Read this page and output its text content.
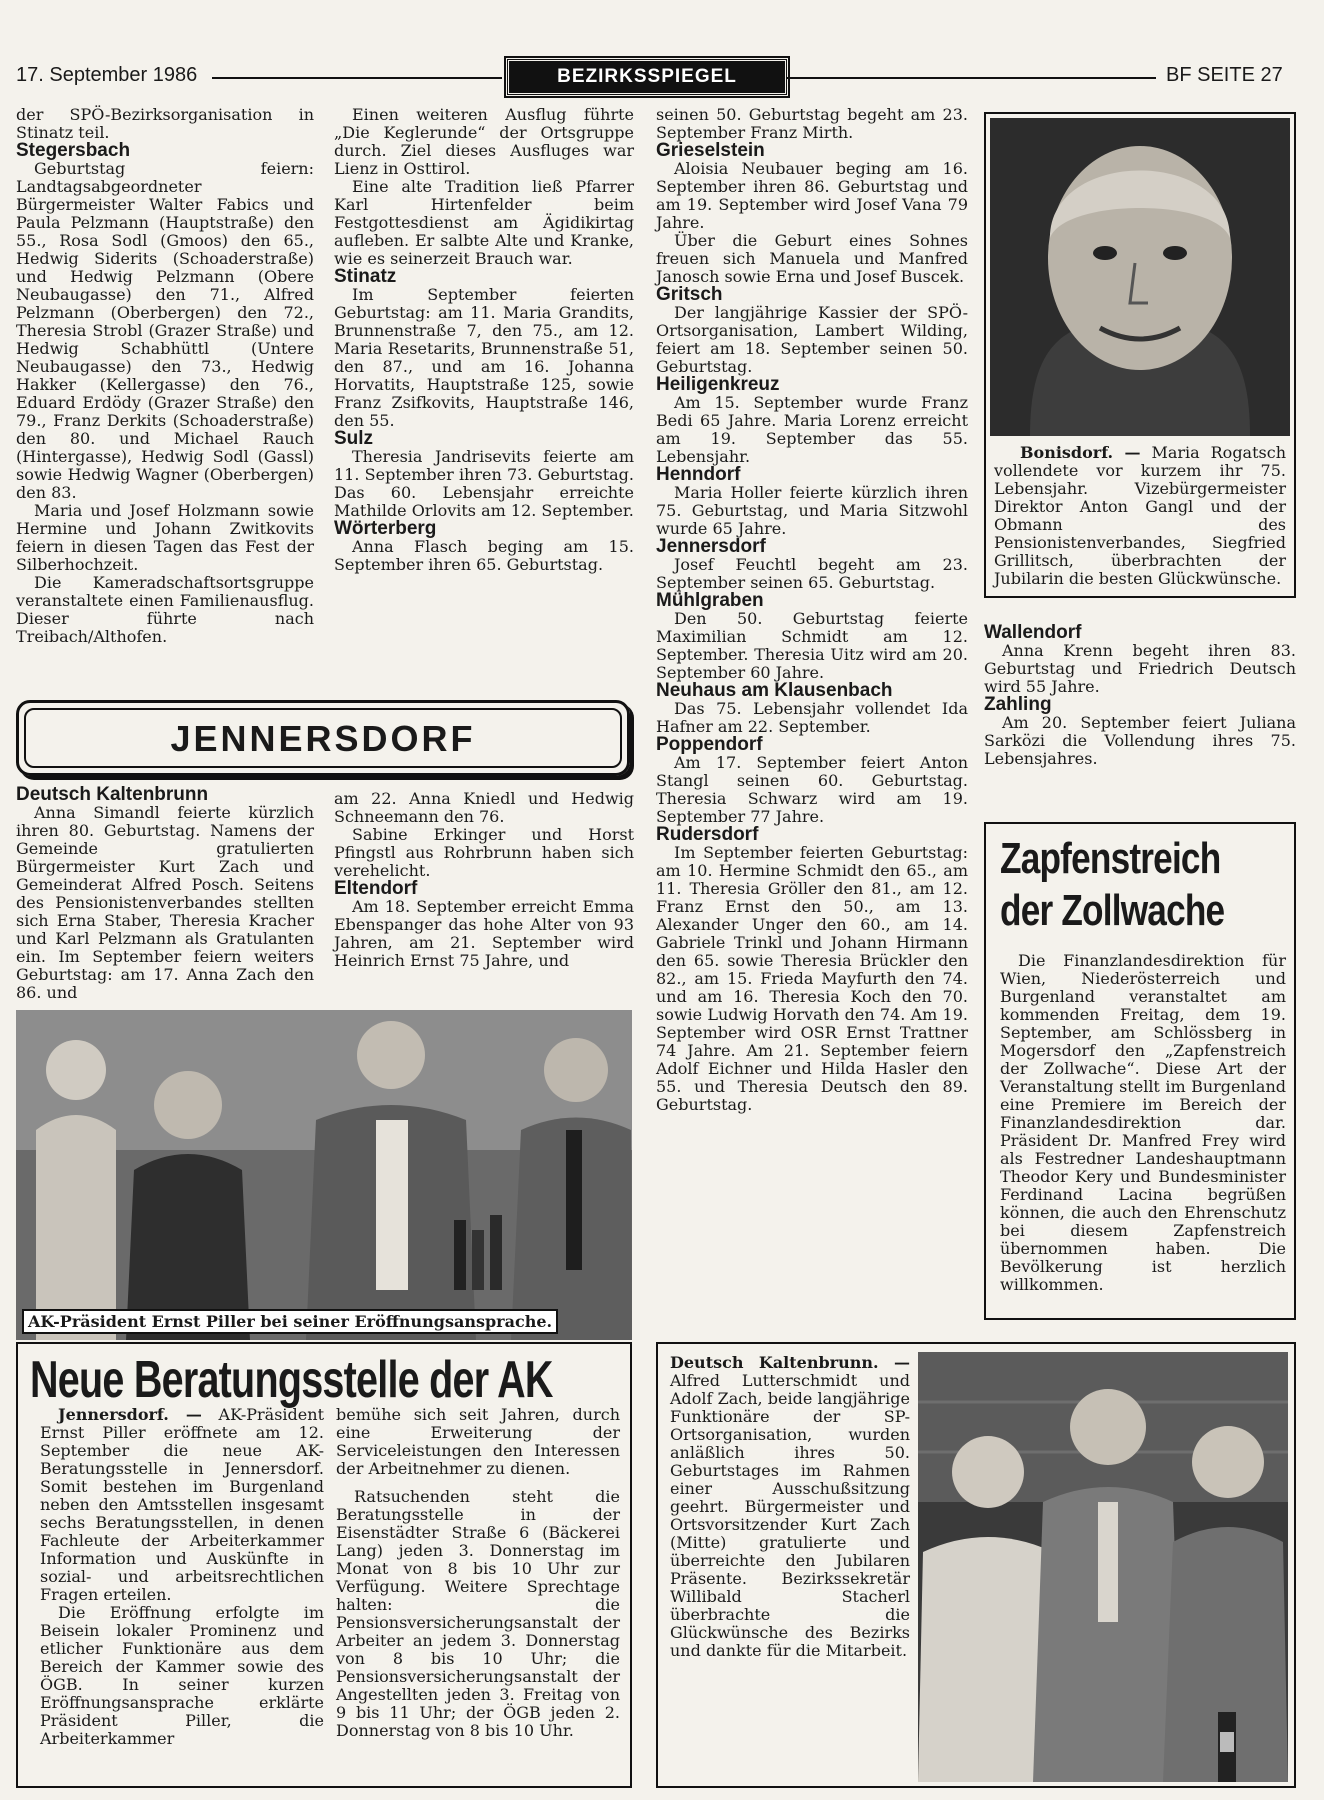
17. September 1986	BEZIRKSSPIEGEL	BF SEITE 27

der SPÖ-Bezirksorganisation in Stinatz teil.

Stegersbach

Geburtstag feiern: Landtagsabgeordneter Bürgermeister Walter Fabics und Paula Pelzmann (Hauptstraße) den 55., Rosa Sodl (Gmoos) den 65., Hedwig Siderits (Schoaderstraße) und Hedwig Pelzmann (Obere Neubaugasse) den 71., Alfred Pelzmann (Oberbergen) den 72., Theresia Strobl (Grazer Straße) und Hedwig Schabhüttl (Untere Neubaugasse) den 73., Hedwig Hakker (Kellergasse) den 76., Eduard Erdödy (Grazer Straße) den 79., Franz Derkits (Schoaderstraße) den 80. und Michael Rauch (Hintergasse), Hedwig Sodl (Gassl) sowie Hedwig Wagner (Oberbergen) den 83.

Maria und Josef Holzmann sowie Hermine und Johann Zwitkovits feiern in diesen Tagen das Fest der Silberhochzeit.

Die Kameradschaftsortsgruppe veranstaltete einen Familienausflug. Dieser führte nach Treibach/Althofen.

Einen weiteren Ausflug führte „Die Keglerunde“ der Ortsgruppe durch. Ziel dieses Ausfluges war Lienz in Osttirol.

Eine alte Tradition ließ Pfarrer Karl Hirtenfelder beim Festgottesdienst am Ägidikirtag aufleben. Er salbte Alte und Kranke, wie es seinerzeit Brauch war.

Stinatz

Im September feierten Geburtstag: am 11. Maria Grandits, Brunnenstraße 7, den 75., am 12. Maria Resetarits, Brunnenstraße 51, den 87., und am 16. Johanna Horvatits, Hauptstraße 125, sowie Franz Zsifkovits, Hauptstraße 146, den 55.

Sulz

Theresia Jandrisevits feierte am 11. September ihren 73. Geburtstag. Das 60. Lebensjahr erreichte Mathilde Orlovits am 12. September.

Wörterberg

Anna Flasch beging am 15. September ihren 65. Geburtstag.

seinen 50. Geburtstag begeht am 23. September Franz Mirth.

Grieselstein

Aloisia Neubauer beging am 16. September ihren 86. Geburtstag und am 19. September wird Josef Vana 79 Jahre.

Über die Geburt eines Sohnes freuen sich Manuela und Manfred Janosch sowie Erna und Josef Buscek.

Gritsch

Der langjährige Kassier der SPÖ-Ortsorganisation, Lambert Wilding, feiert am 18. September seinen 50. Geburtstag.

Heiligenkreuz

Am 15. September wurde Franz Bedi 65 Jahre. Maria Lorenz erreicht am 19. September das 55. Lebensjahr.

Henndorf

Maria Holler feierte kürzlich ihren 75. Geburtstag, und Maria Sitzwohl wurde 65 Jahre.

Jennersdorf

Josef Feuchtl begeht am 23. September seinen 65. Geburtstag.

Mühlgraben

Den 50. Geburtstag feierte Maximilian Schmidt am 12. September. Theresia Uitz wird am 20. September 60 Jahre.

Neuhaus am Klausenbach

Das 75. Lebensjahr vollendet Ida Hafner am 22. September.

Poppendorf

Am 17. September feiert Anton Stangl seinen 60. Geburtstag. Theresia Schwarz wird am 19. September 77 Jahre.

Rudersdorf

Im September feierten Geburtstag: am 10. Hermine Schmidt den 65., am 11. Theresia Gröller den 81., am 12. Franz Ernst den 50., am 13. Alexander Unger den 60., am 14. Gabriele Trinkl und Johann Hirmann den 65. sowie Theresia Brückler den 82., am 15. Frieda Mayfurth den 74. und am 16. Theresia Koch den 70. sowie Ludwig Horvath den 74. Am 19. September wird OSR Ernst Trattner 74 Jahre. Am 21. September feiern Adolf Eichner und Hilda Hasler den 55. und Theresia Deutsch den 89. Geburtstag.

Bonisdorf. — Maria Rogatsch vollendete vor kurzem ihr 75. Lebensjahr. Vizebürgermeister Direktor Anton Gangl und der Obmann des Pensionistenverbandes, Siegfried Grillitsch, überbrachten der Jubilarin die besten Glückwünsche.

Wallendorf

Anna Krenn begeht ihren 83. Geburtstag und Friedrich Deutsch wird 55 Jahre.

Zahling

Am 20. September feiert Juliana Sarközi die Vollendung ihres 75. Lebensjahres.

Zapfenstreich
der Zollwache
Die Finanzlandesdirektion für Wien, Niederösterreich und Burgenland veranstaltet am kommenden Freitag, dem 19. September, am Schlössberg in Mogersdorf den „Zapfenstreich der Zollwache“. Diese Art der Veranstaltung stellt im Burgenland eine Premiere im Bereich der Finanzlandesdirektion dar. Präsident Dr. Manfred Frey wird als Festredner Landeshauptmann Theodor Kery und Bundesminister Ferdinand Lacina begrüßen können, die auch den Ehrenschutz bei diesem Zapfenstreich übernommen haben. Die Bevölkerung ist herzlich willkommen.
JENNERSDORF

Deutsch Kaltenbrunn

Anna Simandl feierte kürzlich ihren 80. Geburtstag. Namens der Gemeinde gratulierten Bürgermeister Kurt Zach und Gemeinderat Alfred Posch. Seitens des Pensionistenverbandes stellten sich Erna Staber, Theresia Kracher und Karl Pelzmann als Gratulanten ein. Im September feiern weiters Geburtstag: am 17. Anna Zach den 86. und

am 22. Anna Kniedl und Hedwig Schneemann den 76.

Sabine Erkinger und Horst Pfingstl aus Rohrbrunn haben sich verehelicht.

Eltendorf

Am 18. September erreicht Emma Ebenspanger das hohe Alter von 93 Jahren, am 21. September wird Heinrich Ernst 75 Jahre, und

AK-Präsident Ernst Piller bei seiner Eröffnungsansprache.
Neue Beratungsstelle der AK

Jennersdorf. — AK-Präsident Ernst Piller eröffnete am 12. September die neue AK-Beratungsstelle in Jennersdorf. Somit bestehen im Burgenland neben den Amtsstellen insgesamt sechs Beratungsstellen, in denen Fachleute der Arbeiterkammer Information und Auskünfte in sozial- und arbeitsrechtlichen Fragen erteilen.

Die Eröffnung erfolgte im Beisein lokaler Prominenz und etlicher Funktionäre aus dem Bereich der Kammer sowie des ÖGB. In seiner kurzen Eröffnungsansprache erklärte Präsident Piller, die Arbeiterkammer

bemühe sich seit Jahren, durch eine Erweiterung der Serviceleistungen den Interessen der Arbeitnehmer zu dienen.

Ratsuchenden steht die Beratungsstelle in der Eisenstädter Straße 6 (Bäckerei Lang) jeden 3. Donnerstag im Monat von 8 bis 10 Uhr zur Verfügung. Weitere Sprechtage halten: die Pensionsversicherungsanstalt der Arbeiter an jedem 3. Donnerstag von 8 bis 10 Uhr; die Pensionsversicherungsanstalt der Angestellten jeden 3. Freitag von 9 bis 11 Uhr; der ÖGB jeden 2. Donnerstag von 8 bis 10 Uhr.

Deutsch Kaltenbrunn. — Alfred Lutterschmidt und Adolf Zach, beide langjährige Funktionäre der SP-Ortsorganisation, wurden anläßlich ihres 50. Geburtstages im Rahmen einer Ausschußsitzung geehrt. Bürgermeister und Ortsvorsitzender Kurt Zach (Mitte) gratulierte und überreichte den Jubilaren Präsente. Bezirkssekretär Willibald Stacherl überbrachte die Glückwünsche des Bezirks und dankte für die Mitarbeit.
